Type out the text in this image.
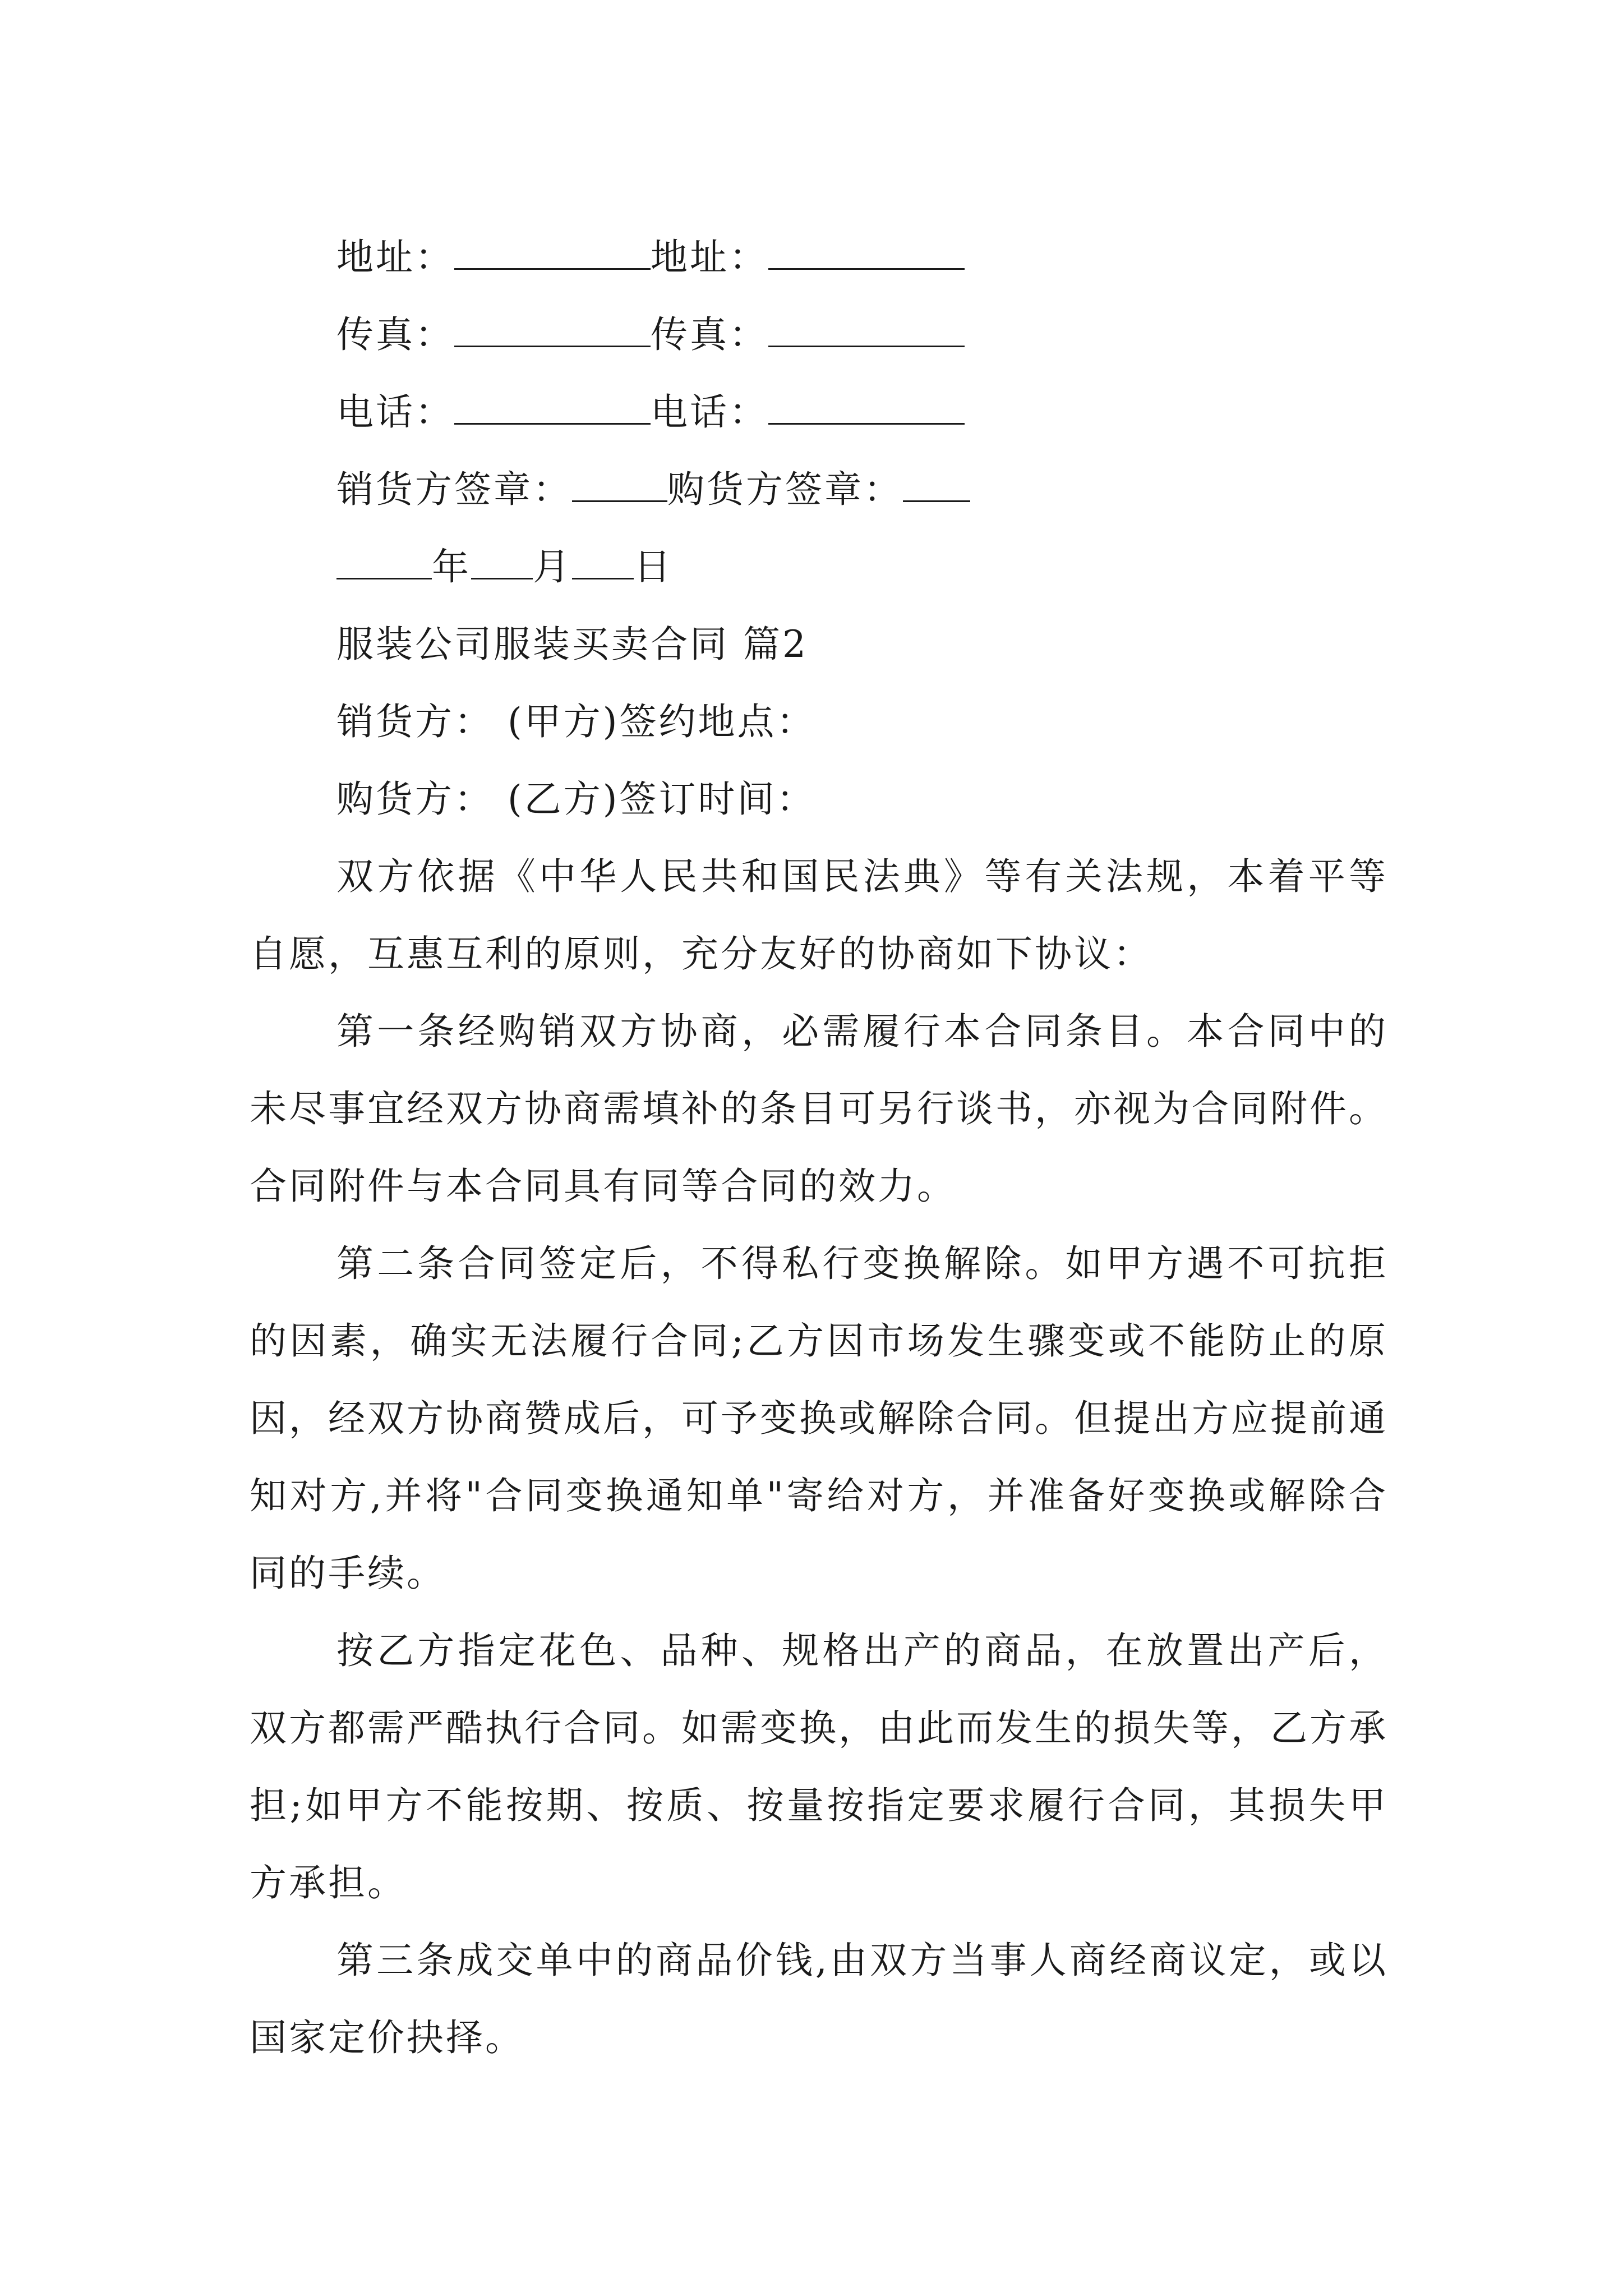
地址：	地址：
传真：	传真：
电话：	电话：
销货方签章：	购货方签章：
年 月 日
服装公司服装买卖合同 篇2
销货方： (甲方)签约地点：
购货方： (乙方)签订时间：

双方依据《中华人民共和国民法典》等有关法规，本着平等自愿，互惠互利的原则，充分友好的协商如下协议：

第一条经购销双方协商，必需履行本合同条目。本合同中的未尽事宜经双方协商需填补的条目可另行谈书，亦视为合同附件。合同附件与本合同具有同等合同的效力。

第二条合同签定后，不得私行变换解除。如甲方遇不可抗拒的因素，确实无法履行合同;乙方因市场发生骤变或不能防止的原因，经双方协商赞成后，可予变换或解除合同。但提出方应提前通知对方,并将"合同变换通知单"寄给对方，并准备好变换或解除合同的手续。

按乙方指定花色、品种、规格出产的商品，在放置出产后，双方都需严酷执行合同。如需变换，由此而发生的损失等，乙方承担;如甲方不能按期、按质、按量按指定要求履行合同，其损失甲方承担。

第三条成交单中的商品价钱,由双方当事人商经商议定，或以国家定价抉择。
